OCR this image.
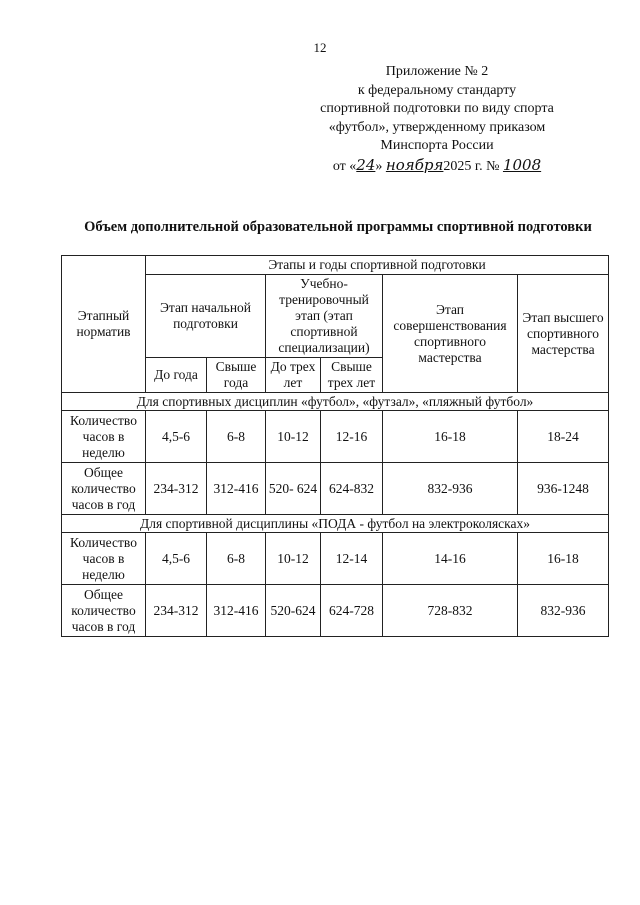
12
Приложение № 2
к федеральному стандарту
спортивной подготовки по виду спорта
«футбол», утвержденному приказом
Минспорта России
от «24» ноября2025 г. № 1008
Объем дополнительной образовательной программы спортивной подготовки
Этапный норматив	Этапы и годы спортивной подготовки					
	Этап начальной подготовки		Учебно-тренировочный этап (этап спортивной специализации)		Этап совершенствования спортивного мастерства	Этап высшего спортивного мастерства
	До года	Свыше года	До трех лет	Свыше трех лет		
Для спортивных дисциплин «футбол», «футзал», «пляжный футбол»						
Количество часов в неделю	4,5-6	6-8	10-12	12-16	16-18	18-24
Общее количество часов в год	234-312	312-416	520- 624	624-832	832-936	936-1248
Для спортивной дисциплины «ПОДА - футбол на электроколясках»						
Количество часов в неделю	4,5-6	6-8	10-12	12-14	14-16	16-18
Общее количество часов в год	234-312	312-416	520-624	624-728	728-832	832-936
